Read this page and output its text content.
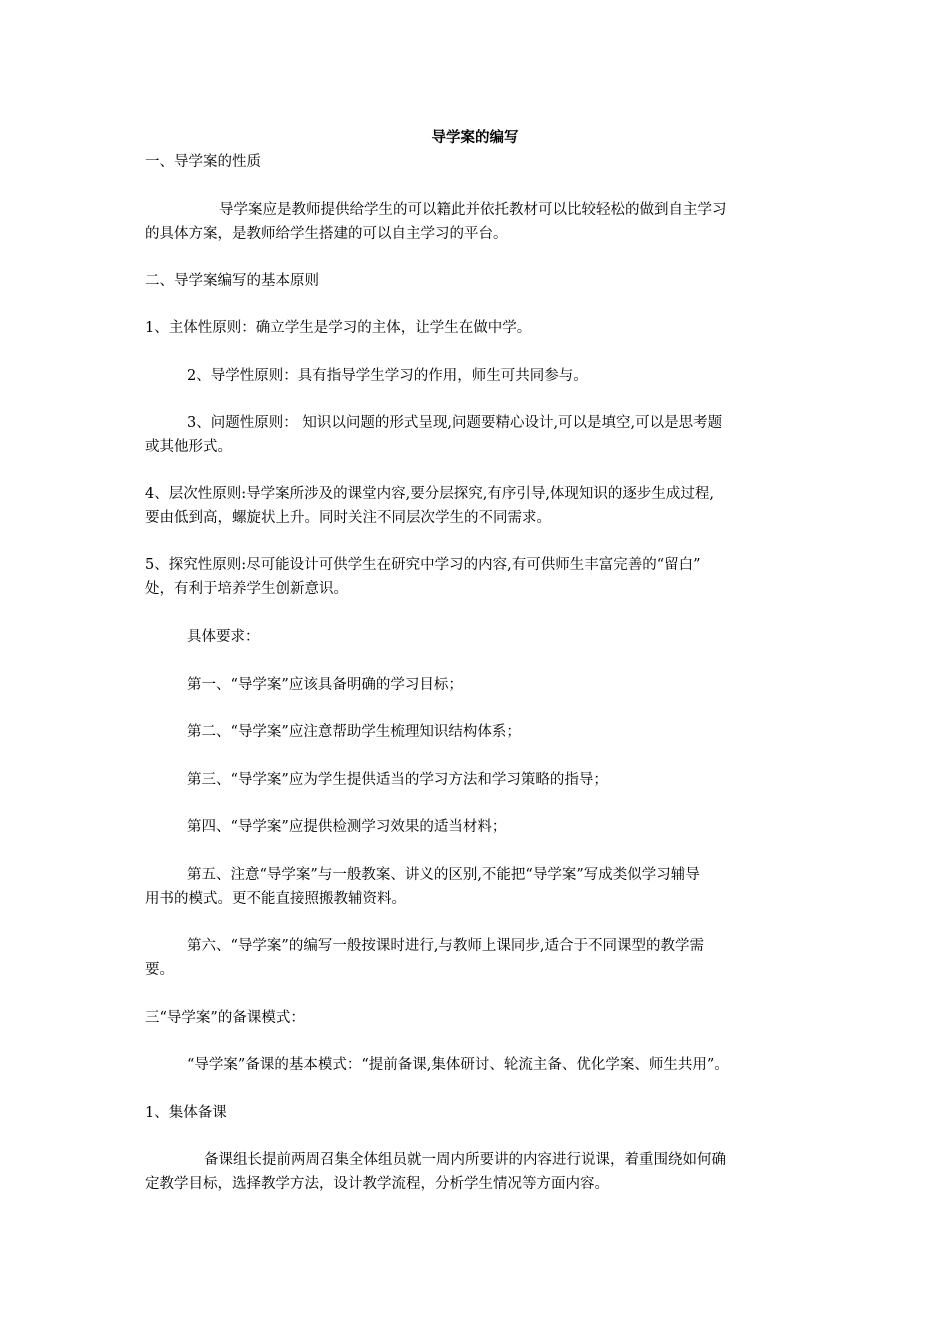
导学案的编写
一、导学案的性质
导学案应是教师提供给学生的可以籍此并依托教材可以比较轻松的做到自主学习
的具体方案，是教师给学生搭建的可以自主学习的平台。
二、导学案编写的基本原则
1、主体性原则：确立学生是学习的主体，让学生在做中学。
2、导学性原则：具有指导学生学习的作用，师生可共同参与。
3、问题性原则： 知识以问题的形式呈现,问题要精心设计,可以是填空,可以是思考题
或其他形式。
4、层次性原则:导学案所涉及的课堂内容,要分层探究,有序引导,体现知识的逐步生成过程,
要由低到高，螺旋状上升。同时关注不同层次学生的不同需求。
5、探究性原则:尽可能设计可供学生在研究中学习的内容,有可供师生丰富完善的“留白”
处，有利于培养学生创新意识。
具体要求：
第一、“导学案”应该具备明确的学习目标；
第二、“导学案”应注意帮助学生梳理知识结构体系；
第三、“导学案”应为学生提供适当的学习方法和学习策略的指导；
第四、“导学案”应提供检测学习效果的适当材料；
第五、注意“导学案”与一般教案、讲义的区别,不能把“导学案”写成类似学习辅导
用书的模式。更不能直接照搬教辅资料。
第六、“导学案”的编写一般按课时进行,与教师上课同步,适合于不同课型的教学需
要。
三“导学案”的备课模式：
“导学案”备课的基本模式：“提前备课,集体研讨、轮流主备、优化学案、师生共用”。
1、集体备课
备课组长提前两周召集全体组员就一周内所要讲的内容进行说课，着重围绕如何确
定教学目标，选择教学方法，设计教学流程，分析学生情况等方面内容。
